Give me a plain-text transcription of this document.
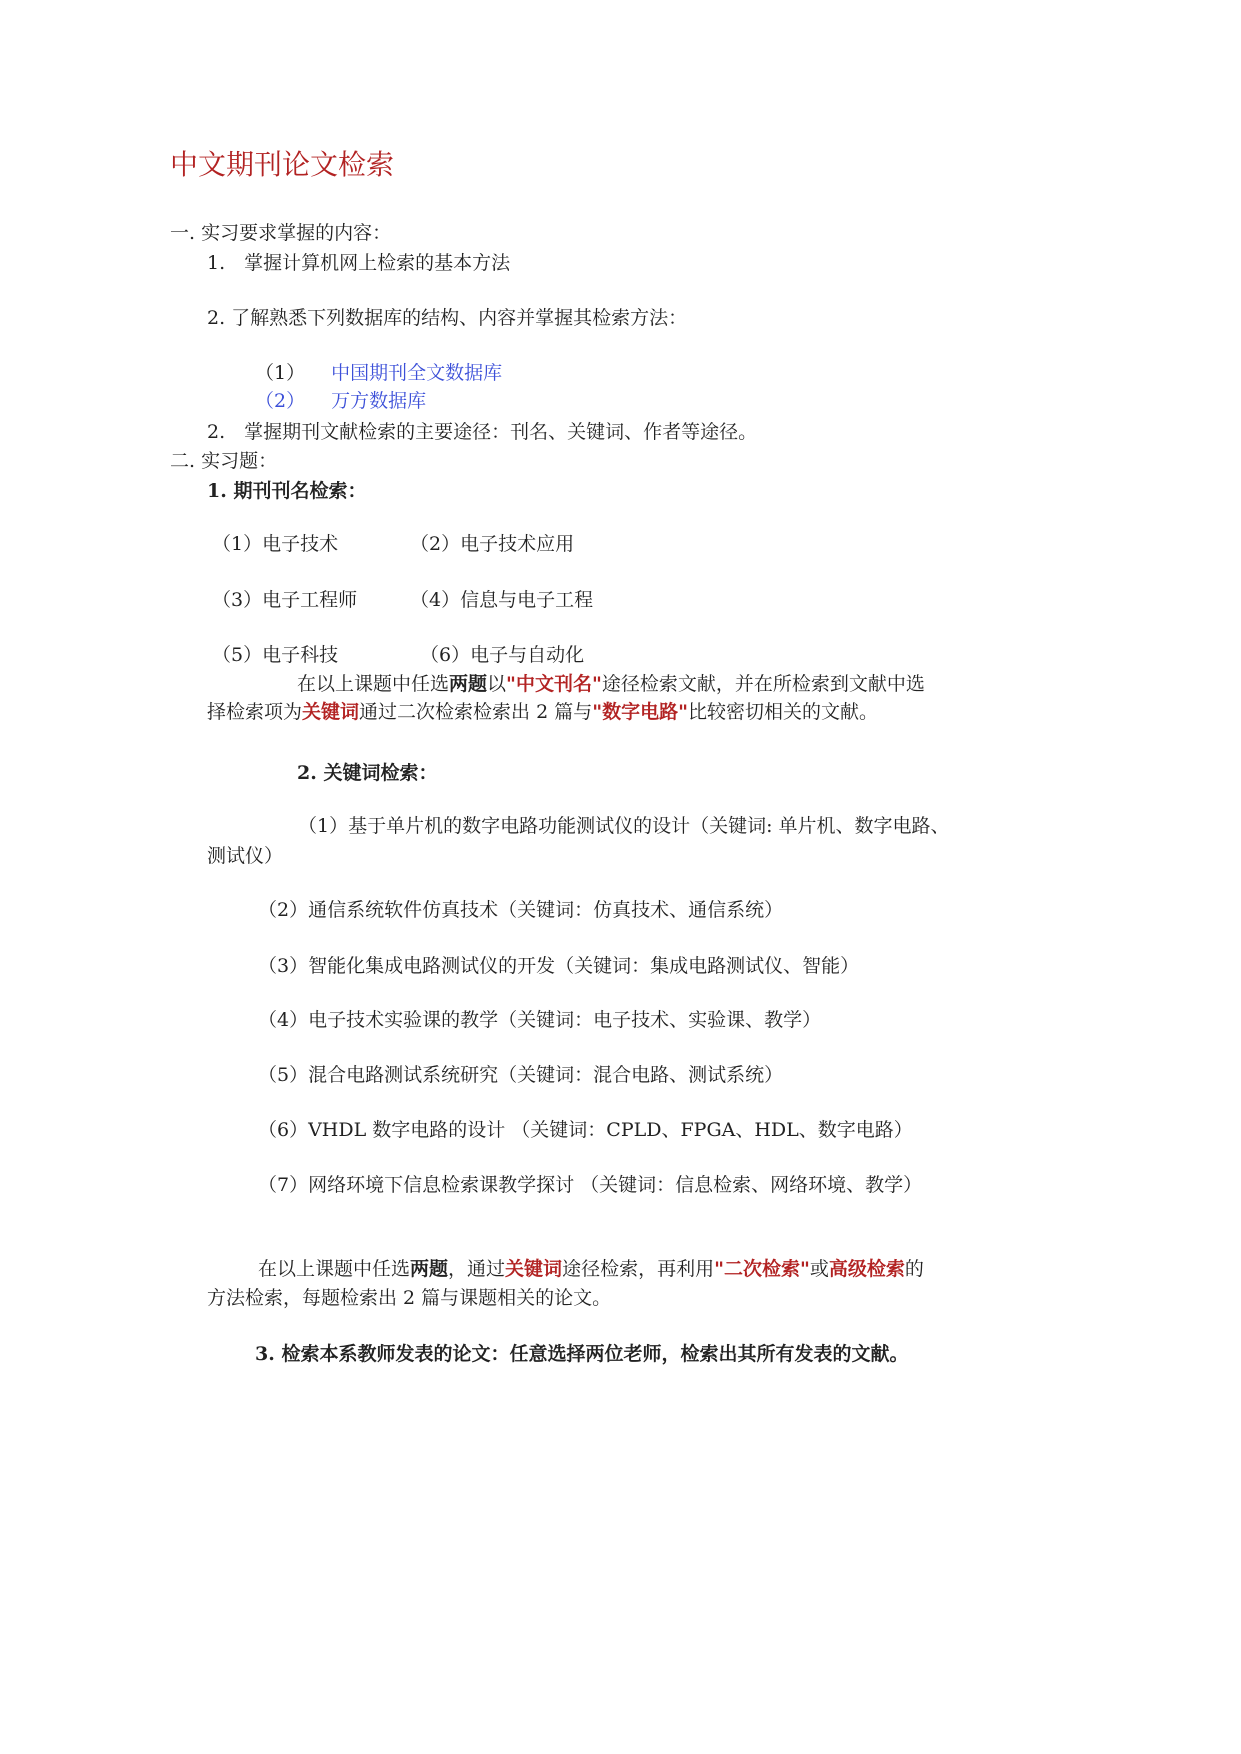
中文期刊论文检索
一. 实习要求掌握的内容：
1.　掌握计算机网上检索的基本方法
2. 了解熟悉下列数据库的结构、内容并掌握其检索方法：
（1） 中国期刊全文数据库
（2） 万方数据库
2.　掌握期刊文献检索的主要途径：刊名、关键词、作者等途径。
二. 实习题：
1. 期刊刊名检索：
（1）电子技术	（2）电子技术应用
（3）电子工程师	（4）信息与电子工程
（5）电子科技	（6）电子与自动化
在以上课题中任选两题以"中文刊名"途径检索文献，并在所检索到文献中选
择检索项为关键词通过二次检索检索出 2 篇与"数字电路"比较密切相关的文献。
2. 关键词检索：
（1）基于单片机的数字电路功能测试仪的设计（关键词: 单片机、数字电路、
测试仪）
（2）通信系统软件仿真技术（关键词：仿真技术、通信系统）
（3）智能化集成电路测试仪的开发（关键词：集成电路测试仪、智能）
（4）电子技术实验课的教学（关键词：电子技术、实验课、教学）
（5）混合电路测试系统研究（关键词：混合电路、测试系统）
（6）VHDL 数字电路的设计 （关键词：CPLD、FPGA、HDL、数字电路）
（7）网络环境下信息检索课教学探讨 （关键词：信息检索、网络环境、教学）
在以上课题中任选两题，通过关键词途径检索，再利用"二次检索"或高级检索的
方法检索，每题检索出 2 篇与课题相关的论文。
3. 检索本系教师发表的论文：任意选择两位老师，检索出其所有发表的文献。
